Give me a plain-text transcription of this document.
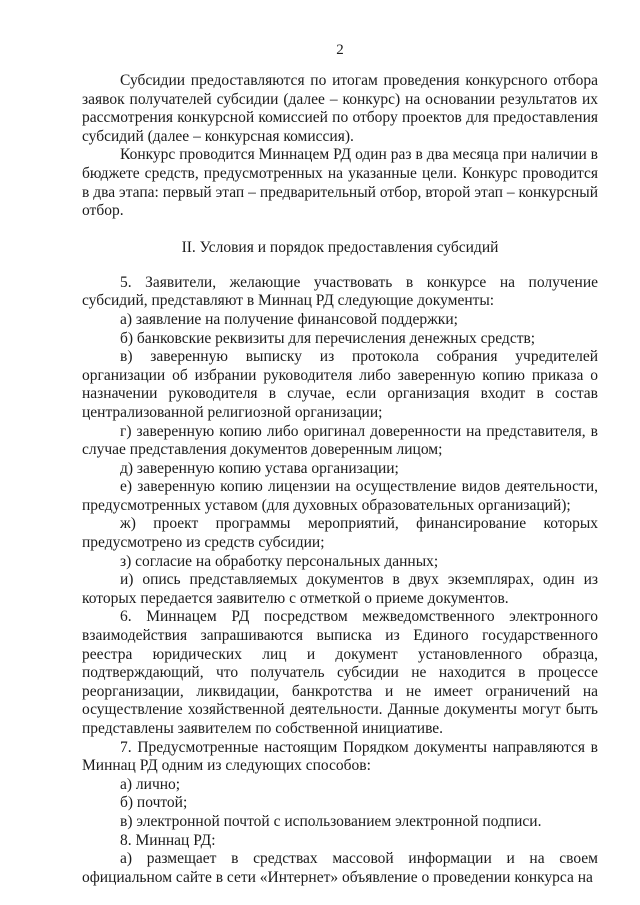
2

Субсидии предоставляются по итогам проведения конкурсного отбора заявок получателей субсидии (далее – конкурс) на основании результатов их рассмотрения конкурсной комиссией по отбору проектов для предоставления субсидий (далее – конкурсная комиссия).

Конкурс проводится Миннацем РД один раз в два месяца при наличии в бюджете средств, предусмотренных на указанные цели. Конкурс проводится в два этапа: первый этап – предварительный отбор, второй этап – конкурсный отбор.

II. Условия и порядок предоставления субсидий

5. Заявители, желающие участвовать в конкурсе на получение субсидий, представляют в Миннац РД следующие документы:

а) заявление на получение финансовой поддержки;

б) банковские реквизиты для перечисления денежных средств;

в) заверенную выписку из протокола собрания учредителей организации об избрании руководителя либо заверенную копию приказа о назначении руководителя в случае, если организация входит в состав централизованной религиозной организации;

г) заверенную копию либо оригинал доверенности на представителя, в случае представления документов доверенным лицом;

д) заверенную копию устава организации;

е) заверенную копию лицензии на осуществление видов деятельности, предусмотренных уставом (для духовных образовательных организаций);

ж) проект программы мероприятий, финансирование которых предусмотрено из средств субсидии;

з) согласие на обработку персональных данных;

и) опись представляемых документов в двух экземплярах, один из которых передается заявителю с отметкой о приеме документов.

6. Миннацем РД посредством межведомственного электронного взаимодействия запрашиваются выписка из Единого государственного реестра юридических лиц и документ установленного образца, подтверждающий, что получатель субсидии не находится в процессе реорганизации, ликвидации, банкротства и не имеет ограничений на осуществление хозяйственной деятельности. Данные документы могут быть представлены заявителем по собственной инициативе.

7. Предусмотренные настоящим Порядком документы направляются в Миннац РД одним из следующих способов:

а) лично;

б) почтой;

в) электронной почтой с использованием электронной подписи.

8. Миннац РД:

а) размещает в средствах массовой информации и на своем официальном сайте в сети «Интернет» объявление о проведении конкурса на
